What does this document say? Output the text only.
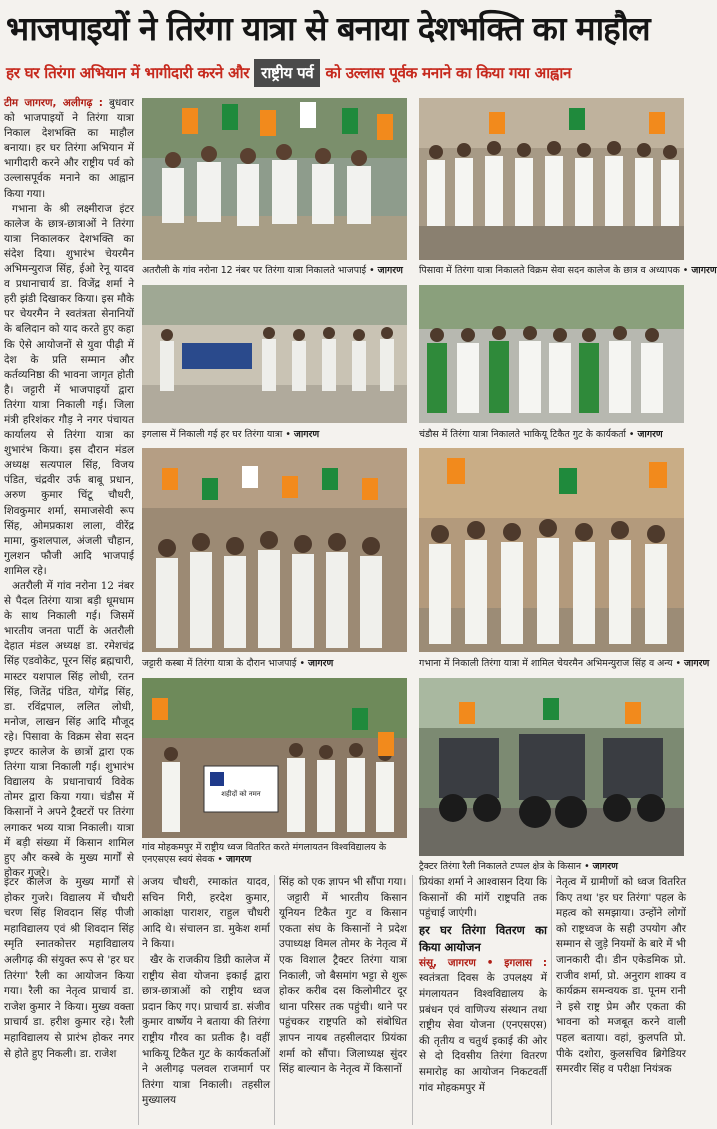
भाजपाइयों ने तिरंगा यात्रा से बनाया देशभक्ति का माहौल
हर घर तिरंगा अभियान में भागीदारी करने और राष्ट्रीय पर्व को उल्लास पूर्वक मनाने का किया गया आह्वान

टीम जागरण, अलीगढ़ : बुधवार को भाजपाइयों ने तिरंगा यात्रा निकाल देशभक्ति का माहौल बनाया। हर घर तिरंगा अभियान में भागीदारी करने और राष्ट्रीय पर्व को उल्लासपूर्वक मनाने का आह्वान किया गया।

गभाना के श्री लक्ष्मीराज इंटर कालेज के छात्र-छात्राओं ने तिरंगा यात्रा निकालकर देशभक्ति का संदेश दिया। शुभारंभ चेयरमैन अभिमन्युराज सिंह, ईओ रेनू यादव व प्रधानाचार्य डा. विजेंद्र शर्मा ने हरी झंडी दिखाकर किया। इस मौके पर चेयरमैन ने स्वतंत्रता सेनानियों के बलिदान को याद करते हुए कहा कि ऐसे आयोजनों से युवा पीढ़ी में देश के प्रति सम्मान और कर्तव्यनिष्ठा की भावना जागृत होती है। जट्टारी में भाजपाइयों द्वारा तिरंगा यात्रा निकाली गई। जिला मंत्री हरिशंकर गौड़ ने नगर पंचायत कार्यालय से तिरंगा यात्रा का शुभारंभ किया। इस दौरान मंडल अध्यक्ष सत्यपाल सिंह, विजय पंडित, चंद्रवीर उर्फ बाबू प्रधान, अरुण कुमार चिंटू चौधरी, शिवकुमार शर्मा, समाजसेवी रूप सिंह, ओमप्रकाश लाला, वीरेंद्र मामा, कुशलपाल, अंजली चौहान, गुलशन फौजी आदि भाजपाई शामिल रहे।

अतरौली में गांव नरोना 12 नंबर से पैदल तिरंगा यात्रा बड़ी धूमधाम के साथ निकाली गई। जिसमें भारतीय जनता पार्टी के अतरौली देहात मंडल अध्यक्ष डा. रमेशचंद्र सिंह एडवोकेट, पूरन सिंह ब्रह्मचारी, मास्टर यशपाल सिंह लोधी, रतन सिंह, जितेंद्र पंडित, योगेंद्र सिंह, डा. रविंद्रपाल, ललित लोधी, मनोज, लाखन सिंह आदि मौजूद रहे। पिसावा के विक्रम सेवा सदन इण्टर कालेज के छात्रों द्वारा एक तिरंगा यात्रा निकाली गई। शुभारंभ विद्यालय के प्रधानाचार्य विवेक तोमर द्वारा किया गया। चंडौस में किसानों ने अपने ट्रैक्टरों पर तिरंगा लगाकर भव्य यात्रा निकाली। यात्रा में बड़ी संख्या में किसान शामिल हुए और कस्बे के मुख्य मार्गों से होकर गुजरे।

अतरौली के गांव नरोना 12 नंबर पर तिरंगा यात्रा निकालते भाजपाई • जागरण	पिसावा में तिरंगा यात्रा निकालते विक्रम सेवा सदन कालेज के छात्र व अध्यापक • जागरण
इगलास में निकाली गई हर घर तिरंगा यात्रा • जागरण	चंडौस में तिरंगा यात्रा निकालते भाकियू टिकैत गुट के कार्यकर्ता • जागरण
जट्टारी कस्बा में तिरंगा यात्रा के दौरान भाजपाई • जागरण	गभाना में निकाली तिरंगा यात्रा में शामिल चेयरमैन अभिमन्युराज सिंह व अन्य • जागरण
शहीदों को नमन
गांव मोहकमपुर में राष्ट्रीय ध्वज वितरित करते मंगलायतन विश्वविद्यालय के एनएसएस स्वयं सेवक • जागरण
ट्रैक्टर तिरंगा रैली निकालते टप्पल क्षेत्र के किसान • जागरण

इंटर कालेज के मुख्य मार्गों से होकर गुजरे। विद्यालय में चौधरी चरण सिंह शिवदान सिंह पीजी महाविद्यालय एवं श्री शिवदान सिंह स्मृति स्नातकोत्तर महाविद्यालय अलीगढ़ की संयुक्त रूप से 'हर घर तिरंगा' रैली का आयोजन किया गया। रैली का नेतृत्व प्राचार्य डा. राजेश कुमार ने किया। मुख्य वक्ता प्राचार्य डा. हरीश कुमार रहे। रैली महाविद्यालय से प्रारंभ होकर नगर से होते हुए निकली। डा. राजेश

अजय चौधरी, रमाकांत यादव, सचिन गिरी, हरदेश कुमार, आकांक्षा पाराशर, राहुल चौधरी आदि थे। संचालन डा. मुकेश शर्मा ने किया।

खैर के राजकीय डिग्री कालेज में राष्ट्रीय सेवा योजना इकाई द्वारा छात्र-छात्राओं को राष्ट्रीय ध्वज प्रदान किए गए। प्राचार्य डा. संजीव कुमार वार्ष्णेय ने बताया की तिरंगा राष्ट्रीय गौरव का प्रतीक है। वहीं भाकियू टिकैत गुट के कार्यकर्ताओं ने अलीगढ़ पलवल राजमार्ग पर तिरंगा यात्रा निकाली। तहसील मुख्यालय

सिंह को एक ज्ञापन भी सौंपा गया।

जट्टारी में भारतीय किसान यूनियन टिकैत गुट व किसान एकता संघ के किसानों ने प्रदेश उपाध्यक्ष विमल तोमर के नेतृत्व में एक विशाल ट्रैक्टर तिरंगा यात्रा निकाली, जो बैसमांग भट्टा से शुरू होकर करीब दस किलोमीटर दूर थाना परिसर तक पहुंची। थाने पर पहुंचकर राष्ट्रपति को संबोधित ज्ञापन नायब तहसीलदार प्रियंका शर्मा को सौंपा। जिलाध्यक्ष सुंदर सिंह बाल्यान के नेतृत्व में किसानों

प्रियंका शर्मा ने आश्वासन दिया कि किसानों की मांगें राष्ट्रपति तक पहुंचाई जाएंगी।

हर घर तिरंगा वितरण का किया आयोजन

संसू, जागरण • इगलास : स्वतंत्रता दिवस के उपलक्ष्य में मंगलायतन विश्वविद्यालय के प्रबंधन एवं वाणिज्य संस्थान तथा राष्ट्रीय सेवा योजना (एनएसएस) की तृतीय व चतुर्थ इकाई की ओर से दो दिवसीय तिरंगा वितरण समारोह का आयोजन निकटवर्ती गांव मोहकमपुर में

नेतृत्व में ग्रामीणों को ध्वज वितरित किए तथा 'हर घर तिरंगा' पहल के महत्व को समझाया। उन्होंने लोगों को राष्ट्रध्वज के सही उपयोग और सम्मान से जुड़े नियमों के बारे में भी जानकारी दी। डीन एकेडमिक प्रो. राजीव शर्मा, प्रो. अनुराग शाक्य व कार्यक्रम समन्वयक डा. पूनम रानी ने इसे राष्ट्र प्रेम और एकता की भावना को मजबूत करने वाली पहल बताया। वहां, कुलपति प्रो. पीके दशोरा, कुलसचिव ब्रिगेडियर समरवीर सिंह व परीक्षा नियंत्रक
